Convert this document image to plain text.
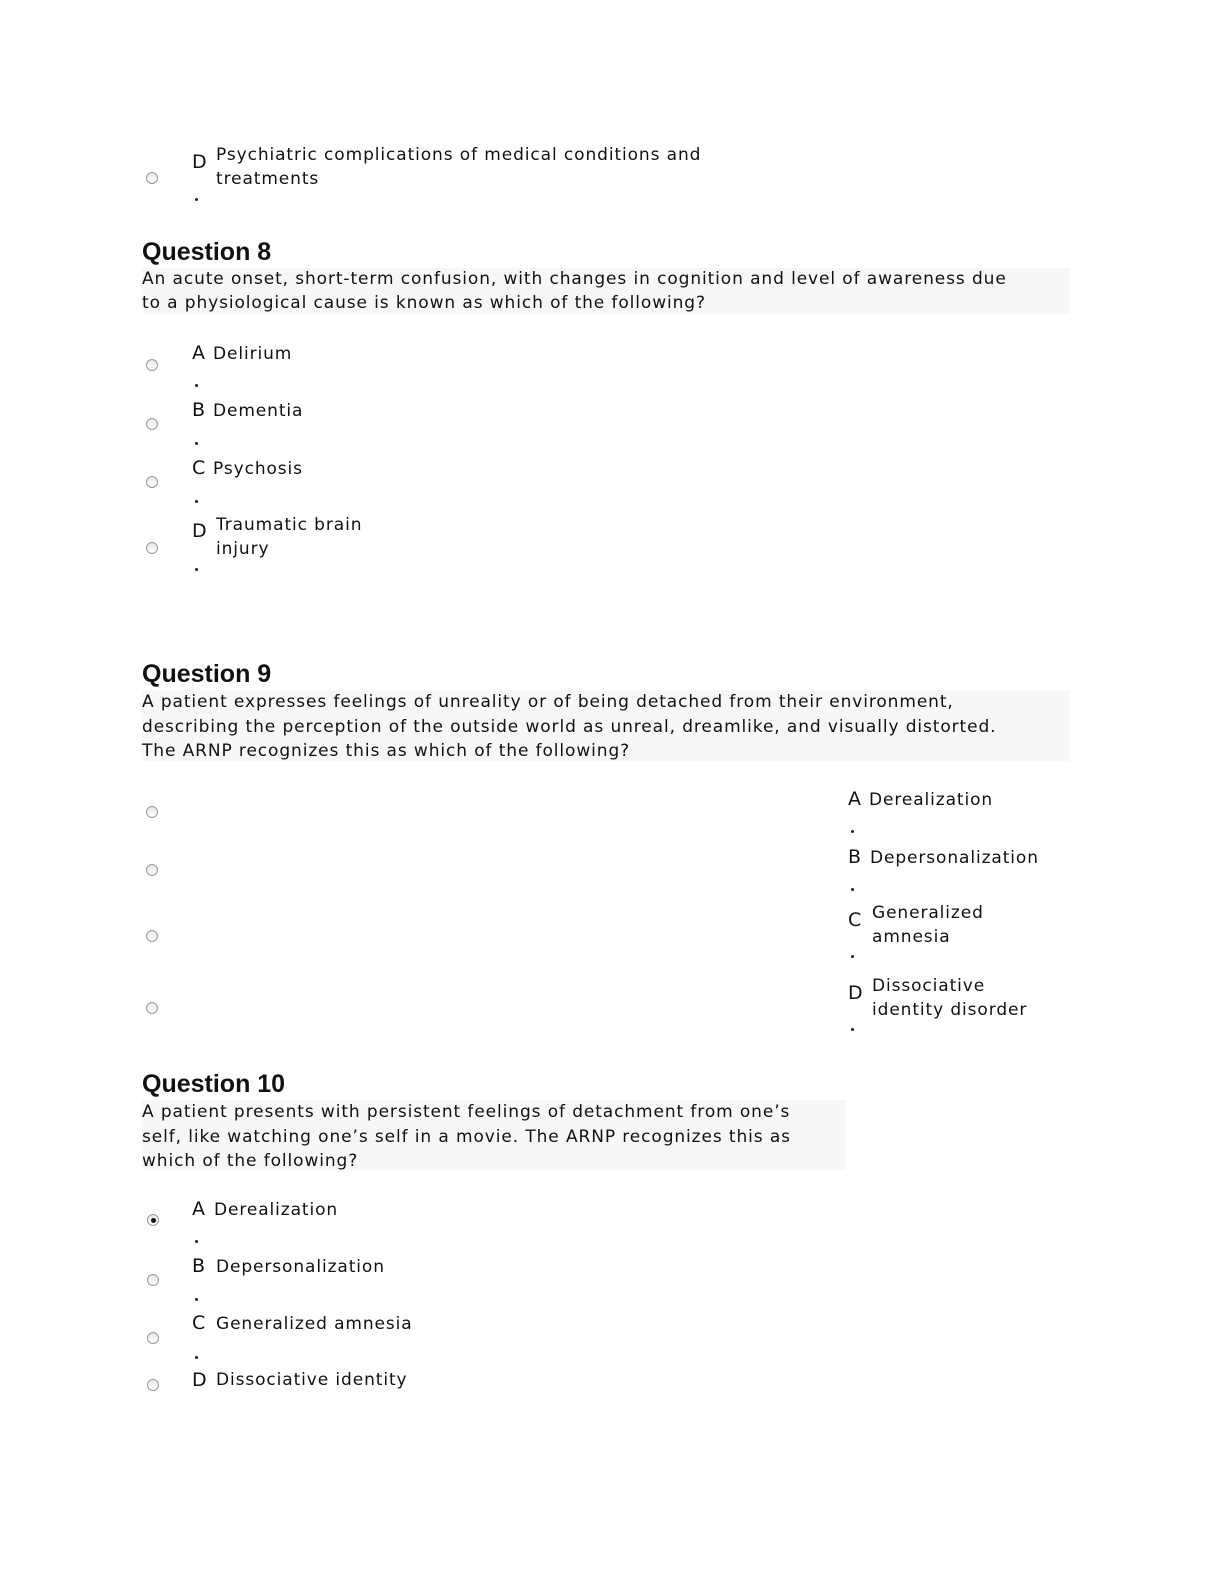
D Psychiatric complications of medical conditions and
treatments
Question 8
An acute onset, short-term confusion, with changes in cognition and level of awareness due
to a physiological cause is known as which of the following?
A Delirium
B Dementia
C Psychosis
D Traumatic brain
injury
Question 9
A patient expresses feelings of unreality or of being detached from their environment,
describing the perception of the outside world as unreal, dreamlike, and visually distorted.
The ARNP recognizes this as which of the following?
A Derealization
B Depersonalization
C Generalized
amnesia
D Dissociative
identity disorder
Question 10
A patient presents with persistent feelings of detachment from one’s
self, like watching one’s self in a movie. The ARNP recognizes this as
which of the following?
A Derealization
B Depersonalization
C Generalized amnesia
D Dissociative identity
